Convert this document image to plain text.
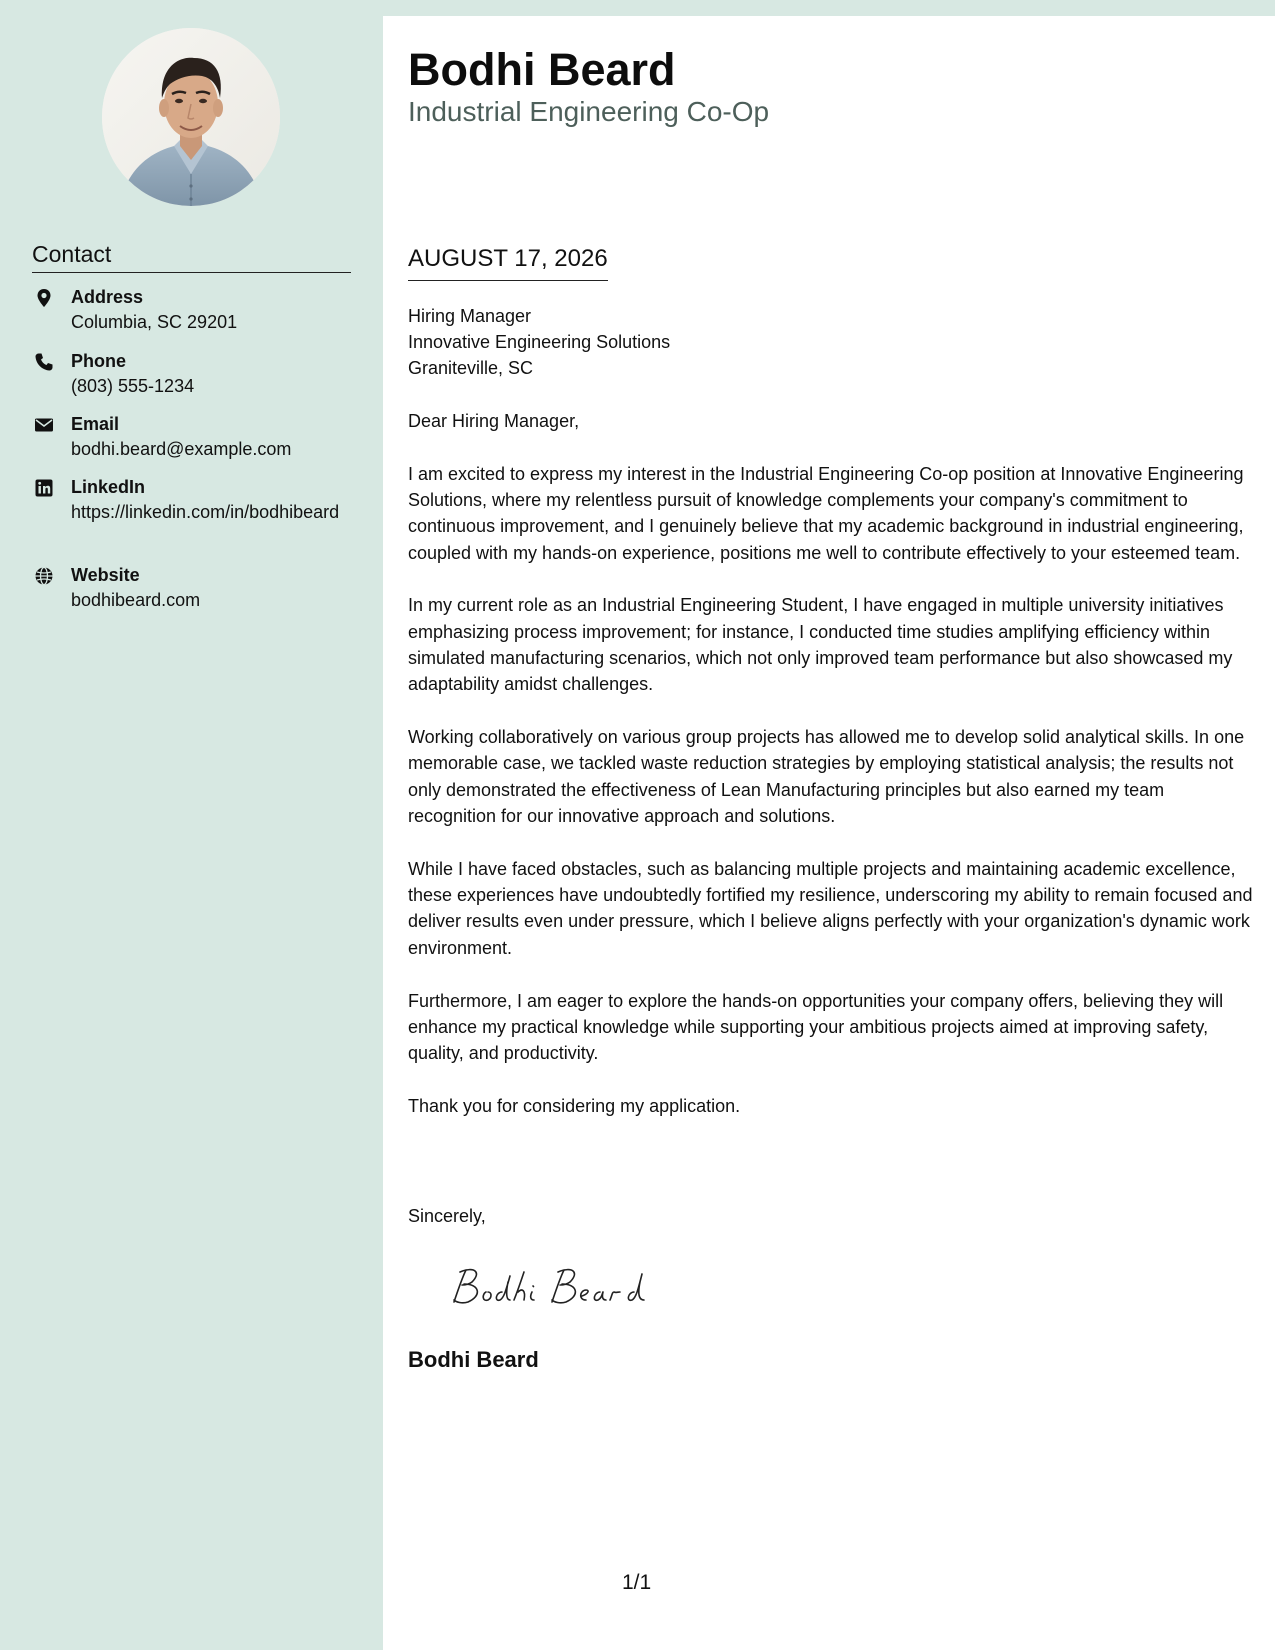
Contact
Address
Columbia, SC 29201
Phone
(803) 555-1234
Email
bodhi.beard@example.com
LinkedIn
https://linkedin.com/in/bodhibeard
Website
bodhibeard.com
Bodhi Beard
Industrial Engineering Co-Op
AUGUST 17, 2026
Hiring Manager
Innovative Engineering Solutions
Graniteville, SC

Dear Hiring Manager,

I am excited to express my interest in the Industrial Engineering Co-op position at Innovative Engineering Solutions, where my relentless pursuit of knowledge complements your company's commitment to continuous improvement, and I genuinely believe that my academic background in industrial engineering, coupled with my hands-on experience, positions me well to contribute effectively to your esteemed team.

In my current role as an Industrial Engineering Student, I have engaged in multiple university initiatives emphasizing process improvement; for instance, I conducted time studies amplifying efficiency within simulated manufacturing scenarios, which not only improved team performance but also showcased my adaptability amidst challenges.

Working collaboratively on various group projects has allowed me to develop solid analytical skills. In one memorable case, we tackled waste reduction strategies by employing statistical analysis; the results not only demonstrated the effectiveness of Lean Manufacturing principles but also earned my team recognition for our innovative approach and solutions.

While I have faced obstacles, such as balancing multiple projects and maintaining academic excellence, these experiences have undoubtedly fortified my resilience, underscoring my ability to remain focused and deliver results even under pressure, which I believe aligns perfectly with your organization's dynamic work environment.

Furthermore, I am eager to explore the hands-on opportunities your company offers, believing they will enhance my practical knowledge while supporting your ambitious projects aimed at improving safety, quality, and productivity.

Thank you for considering my application.

Sincerely,
Bodhi Beard
1/1
